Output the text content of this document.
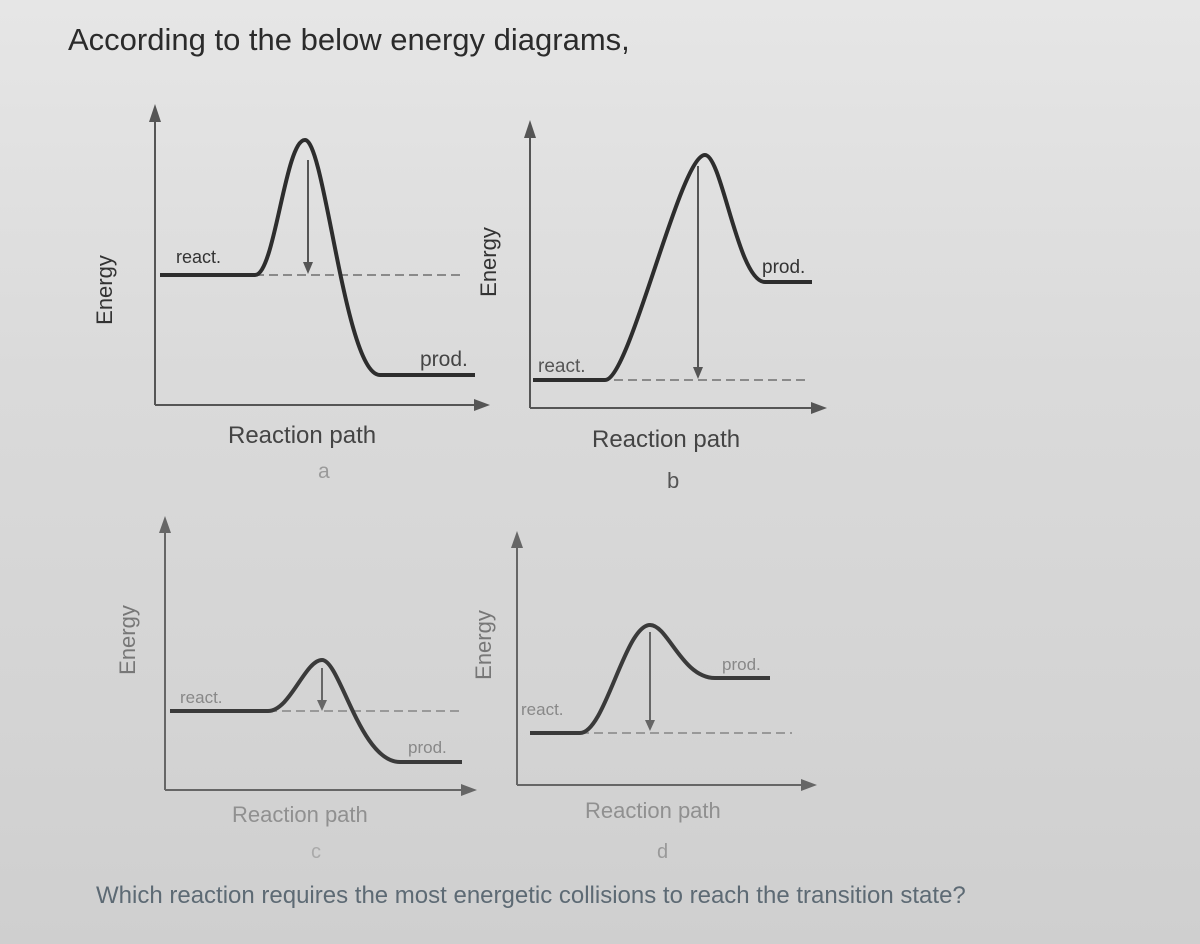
According to the below energy diagrams,
Energy	react.
prod.
Reaction path
a
Energy
react.
prod.
Reaction path
b
Energy
react.
prod.
Reaction path
c
Energy
react.
prod.
Reaction path
d
Which reaction requires the most energetic collisions to reach the transition state?
